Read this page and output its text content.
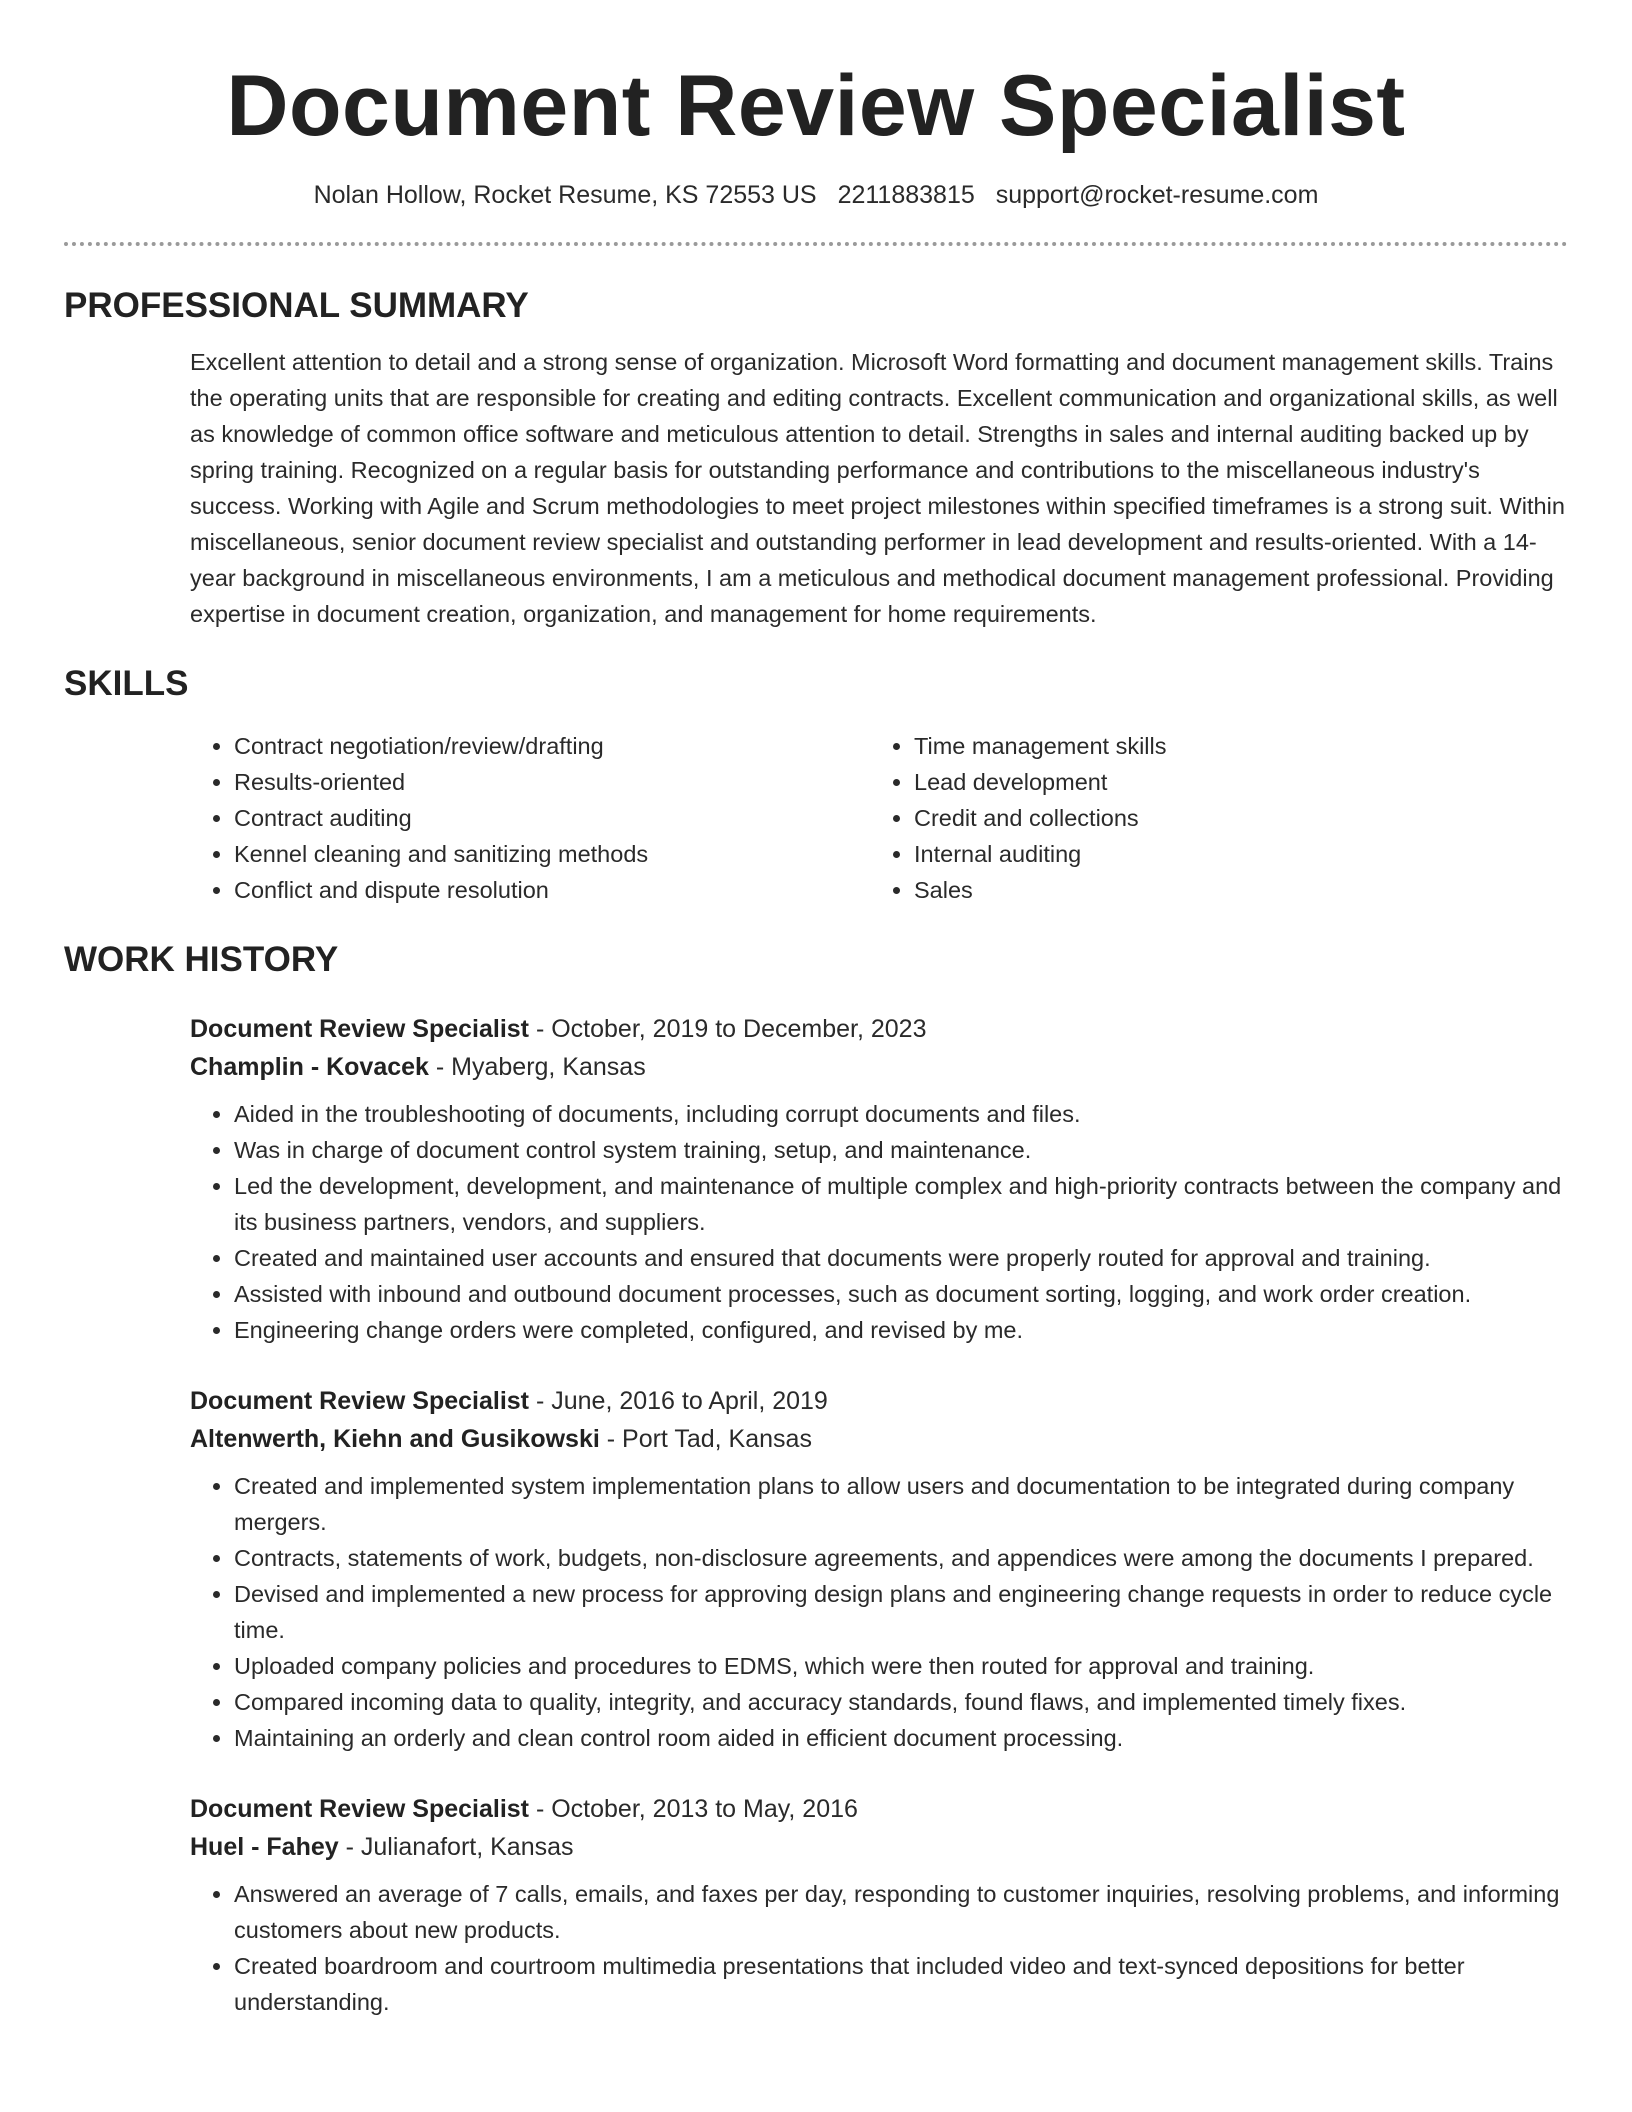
Document Review Specialist
Nolan Hollow, Rocket Resume, KS 72553 US 2211883815 support@rocket-resume.com
PROFESSIONAL SUMMARY

Excellent attention to detail and a strong sense of organization. Microsoft Word formatting and document management skills. Trains the operating units that are responsible for creating and editing contracts. Excellent communication and organizational skills, as well as knowledge of common office software and meticulous attention to detail. Strengths in sales and internal auditing backed up by spring training. Recognized on a regular basis for outstanding performance and contributions to the miscellaneous industry's success. Working with Agile and Scrum methodologies to meet project milestones within specified timeframes is a strong suit. Within miscellaneous, senior document review specialist and outstanding performer in lead development and results-oriented. With a 14-year background in miscellaneous environments, I am a meticulous and methodical document management professional. Providing expertise in document creation, organization, and management for home requirements.

SKILLS
• Contract negotiation/review/drafting
• Results-oriented
• Contract auditing
• Kennel cleaning and sanitizing methods
• Conflict and dispute resolution
• Time management skills
• Lead development
• Credit and collections
• Internal auditing
• Sales
WORK HISTORY
Document Review Specialist - October, 2019 to December, 2023
Champlin - Kovacek - Myaberg, Kansas
• Aided in the troubleshooting of documents, including corrupt documents and files.
• Was in charge of document control system training, setup, and maintenance.
• Led the development, development, and maintenance of multiple complex and high-priority contracts between the company and its business partners, vendors, and suppliers.
• Created and maintained user accounts and ensured that documents were properly routed for approval and training.
• Assisted with inbound and outbound document processes, such as document sorting, logging, and work order creation.
• Engineering change orders were completed, configured, and revised by me.
Document Review Specialist - June, 2016 to April, 2019
Altenwerth, Kiehn and Gusikowski - Port Tad, Kansas
• Created and implemented system implementation plans to allow users and documentation to be integrated during company mergers.
• Contracts, statements of work, budgets, non-disclosure agreements, and appendices were among the documents I prepared.
• Devised and implemented a new process for approving design plans and engineering change requests in order to reduce cycle time.
• Uploaded company policies and procedures to EDMS, which were then routed for approval and training.
• Compared incoming data to quality, integrity, and accuracy standards, found flaws, and implemented timely fixes.
• Maintaining an orderly and clean control room aided in efficient document processing.
Document Review Specialist - October, 2013 to May, 2016
Huel - Fahey - Julianafort, Kansas
• Answered an average of 7 calls, emails, and faxes per day, responding to customer inquiries, resolving problems, and informing customers about new products.
• Created boardroom and courtroom multimedia presentations that included video and text-synced depositions for better understanding.
